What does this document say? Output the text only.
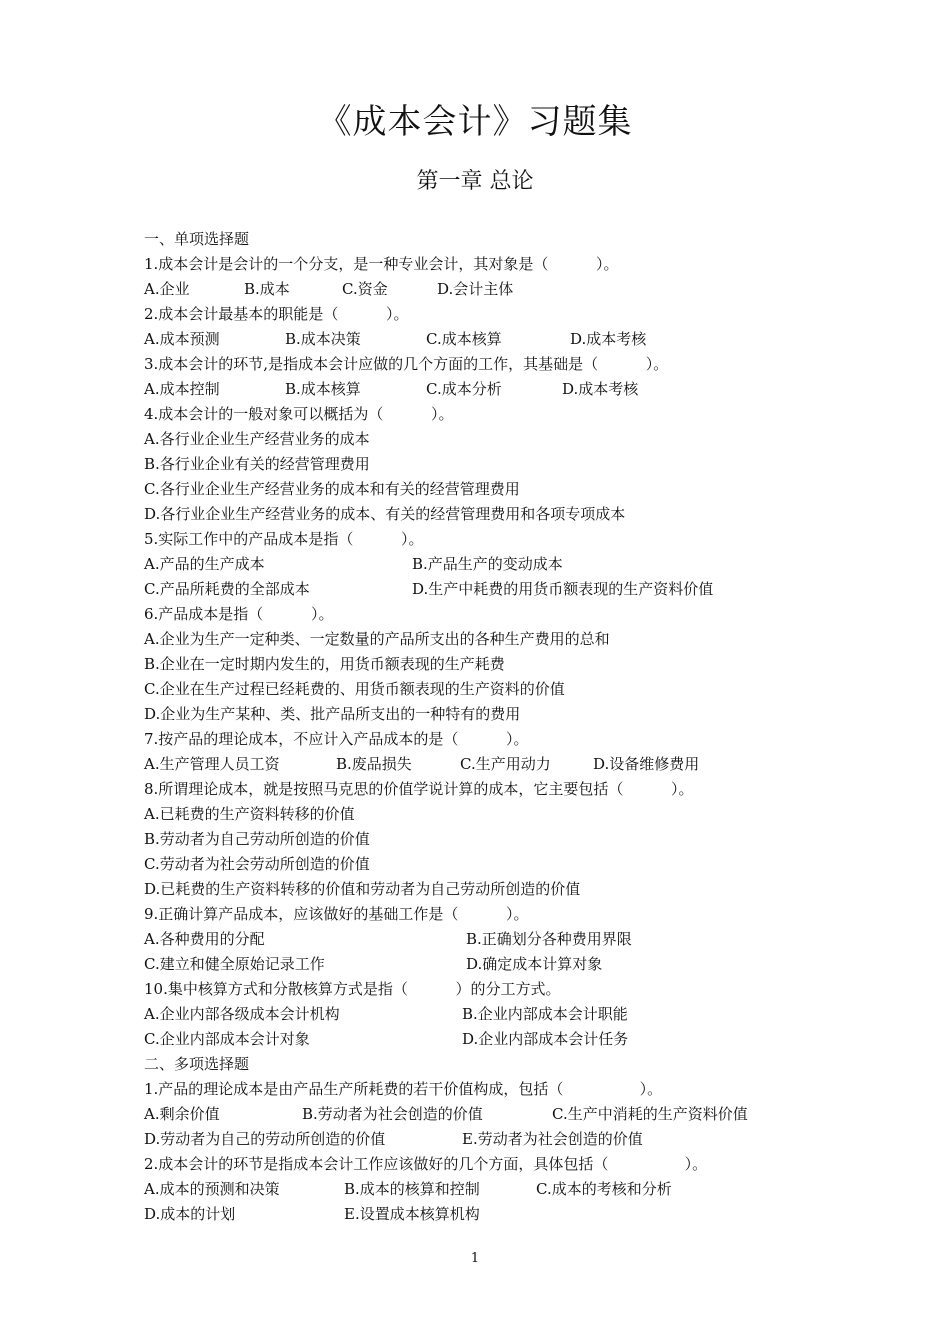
《成本会计》习题集
第一章 总论
一、单项选择题
1.成本会计是会计的一个分支，是一种专业会计，其对象是（          ）。
A.企业	B.成本	C.资金	D.会计主体
2.成本会计最基本的职能是（          ）。
A.成本预测	B.成本决策	C.成本核算	D.成本考核
3.成本会计的环节,是指成本会计应做的几个方面的工作，其基础是（          ）。
A.成本控制	B.成本核算	C.成本分析	D.成本考核
4.成本会计的一般对象可以概括为（          ）。
A.各行业企业生产经营业务的成本
B.各行业企业有关的经营管理费用
C.各行业企业生产经营业务的成本和有关的经营管理费用
D.各行业企业生产经营业务的成本、有关的经营管理费用和各项专项成本
5.实际工作中的产品成本是指（          ）。
A.产品的生产成本	B.产品生产的变动成本
C.产品所耗费的全部成本	D.生产中耗费的用货币额表现的生产资料价值
6.产品成本是指（          ）。
A.企业为生产一定种类、一定数量的产品所支出的各种生产费用的总和
B.企业在一定时期内发生的，用货币额表现的生产耗费
C.企业在生产过程已经耗费的、用货币额表现的生产资料的价值
D.企业为生产某种、类、批产品所支出的一种特有的费用
7.按产品的理论成本，不应计入产品成本的是（          ）。
A.生产管理人员工资	B.废品损失	C.生产用动力	D.设备维修费用
8.所谓理论成本，就是按照马克思的价值学说计算的成本，它主要包括（          ）。
A.已耗费的生产资料转移的价值
B.劳动者为自己劳动所创造的价值
C.劳动者为社会劳动所创造的价值
D.已耗费的生产资料转移的价值和劳动者为自己劳动所创造的价值
9.正确计算产品成本，应该做好的基础工作是（          ）。
A.各种费用的分配	B.正确划分各种费用界限
C.建立和健全原始记录工作	D.确定成本计算对象
10.集中核算方式和分散核算方式是指（          ）的分工方式。
A.企业内部各级成本会计机构	B.企业内部成本会计职能
C.企业内部成本会计对象	D.企业内部成本会计任务
二、多项选择题
1.产品的理论成本是由产品生产所耗费的若干价值构成，包括（                ）。
A.剩余价值	B.劳动者为社会创造的价值	C.生产中消耗的生产资料价值
D.劳动者为自己的劳动所创造的价值	E.劳动者为社会创造的价值
2.成本会计的环节是指成本会计工作应该做好的几个方面，具体包括（                ）。
A.成本的预测和决策	B.成本的核算和控制	C.成本的考核和分析
D.成本的计划	E.设置成本核算机构
1
